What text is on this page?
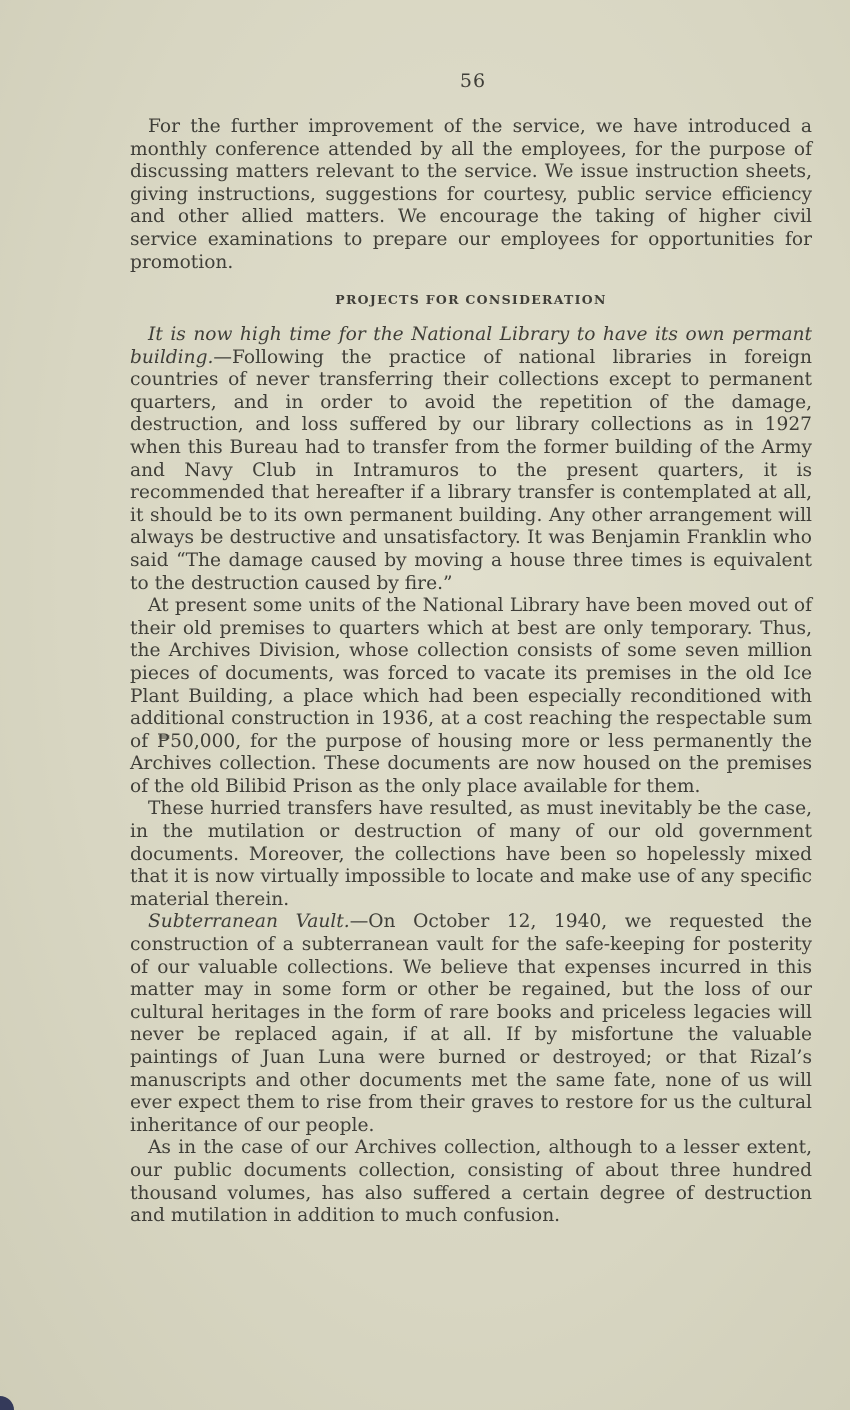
56

For the further improvement of the service, we have introduced a monthly conference attended by all the employees, for the purpose of discussing matters relevant to the service. We issue instruction sheets, giving instructions, suggestions for courtesy, public service efficiency and other allied matters. We encourage the taking of higher civil service examinations to prepare our employees for opportunities for promotion.

PROJECTS FOR CONSIDERATION

It is now high time for the National Library to have its own permant building.—Following the practice of national libraries in foreign countries of never transferring their collections except to permanent quarters, and in order to avoid the repetition of the damage, destruction, and loss suffered by our library collections as in 1927 when this Bureau had to transfer from the former building of the Army and Navy Club in Intramuros to the present quarters, it is recommended that hereafter if a library transfer is contemplated at all, it should be to its own permanent building. Any other arrangement will always be destructive and unsatisfactory. It was Benjamin Franklin who said “The damage caused by moving a house three times is equivalent to the destruction caused by fire.”

At present some units of the National Library have been moved out of their old premises to quarters which at best are only temporary. Thus, the Archives Division, whose collection consists of some seven million pieces of documents, was forced to vacate its premises in the old Ice Plant Building, a place which had been especially reconditioned with additional construction in 1936, at a cost reaching the respectable sum of ₱50,000, for the purpose of housing more or less permanently the Archives collection. These documents are now housed on the premises of the old Bilibid Prison as the only place available for them.

These hurried transfers have resulted, as must inevitably be the case, in the mutilation or destruction of many of our old government documents. Moreover, the collections have been so hopelessly mixed that it is now virtually impossible to locate and make use of any specific material therein.

Subterranean Vault.—On October 12, 1940, we requested the construction of a subterranean vault for the safe-keeping for posterity of our valuable collections. We believe that expenses incurred in this matter may in some form or other be regained, but the loss of our cultural heritages in the form of rare books and priceless legacies will never be replaced again, if at all. If by misfortune the valuable paintings of Juan Luna were burned or destroyed; or that Rizal’s manuscripts and other documents met the same fate, none of us will ever expect them to rise from their graves to restore for us the cultural inheritance of our people.

As in the case of our Archives collection, although to a lesser extent, our public documents collection, consisting of about three hundred thousand volumes, has also suffered a certain degree of destruction and mutilation in addition to much confusion.
